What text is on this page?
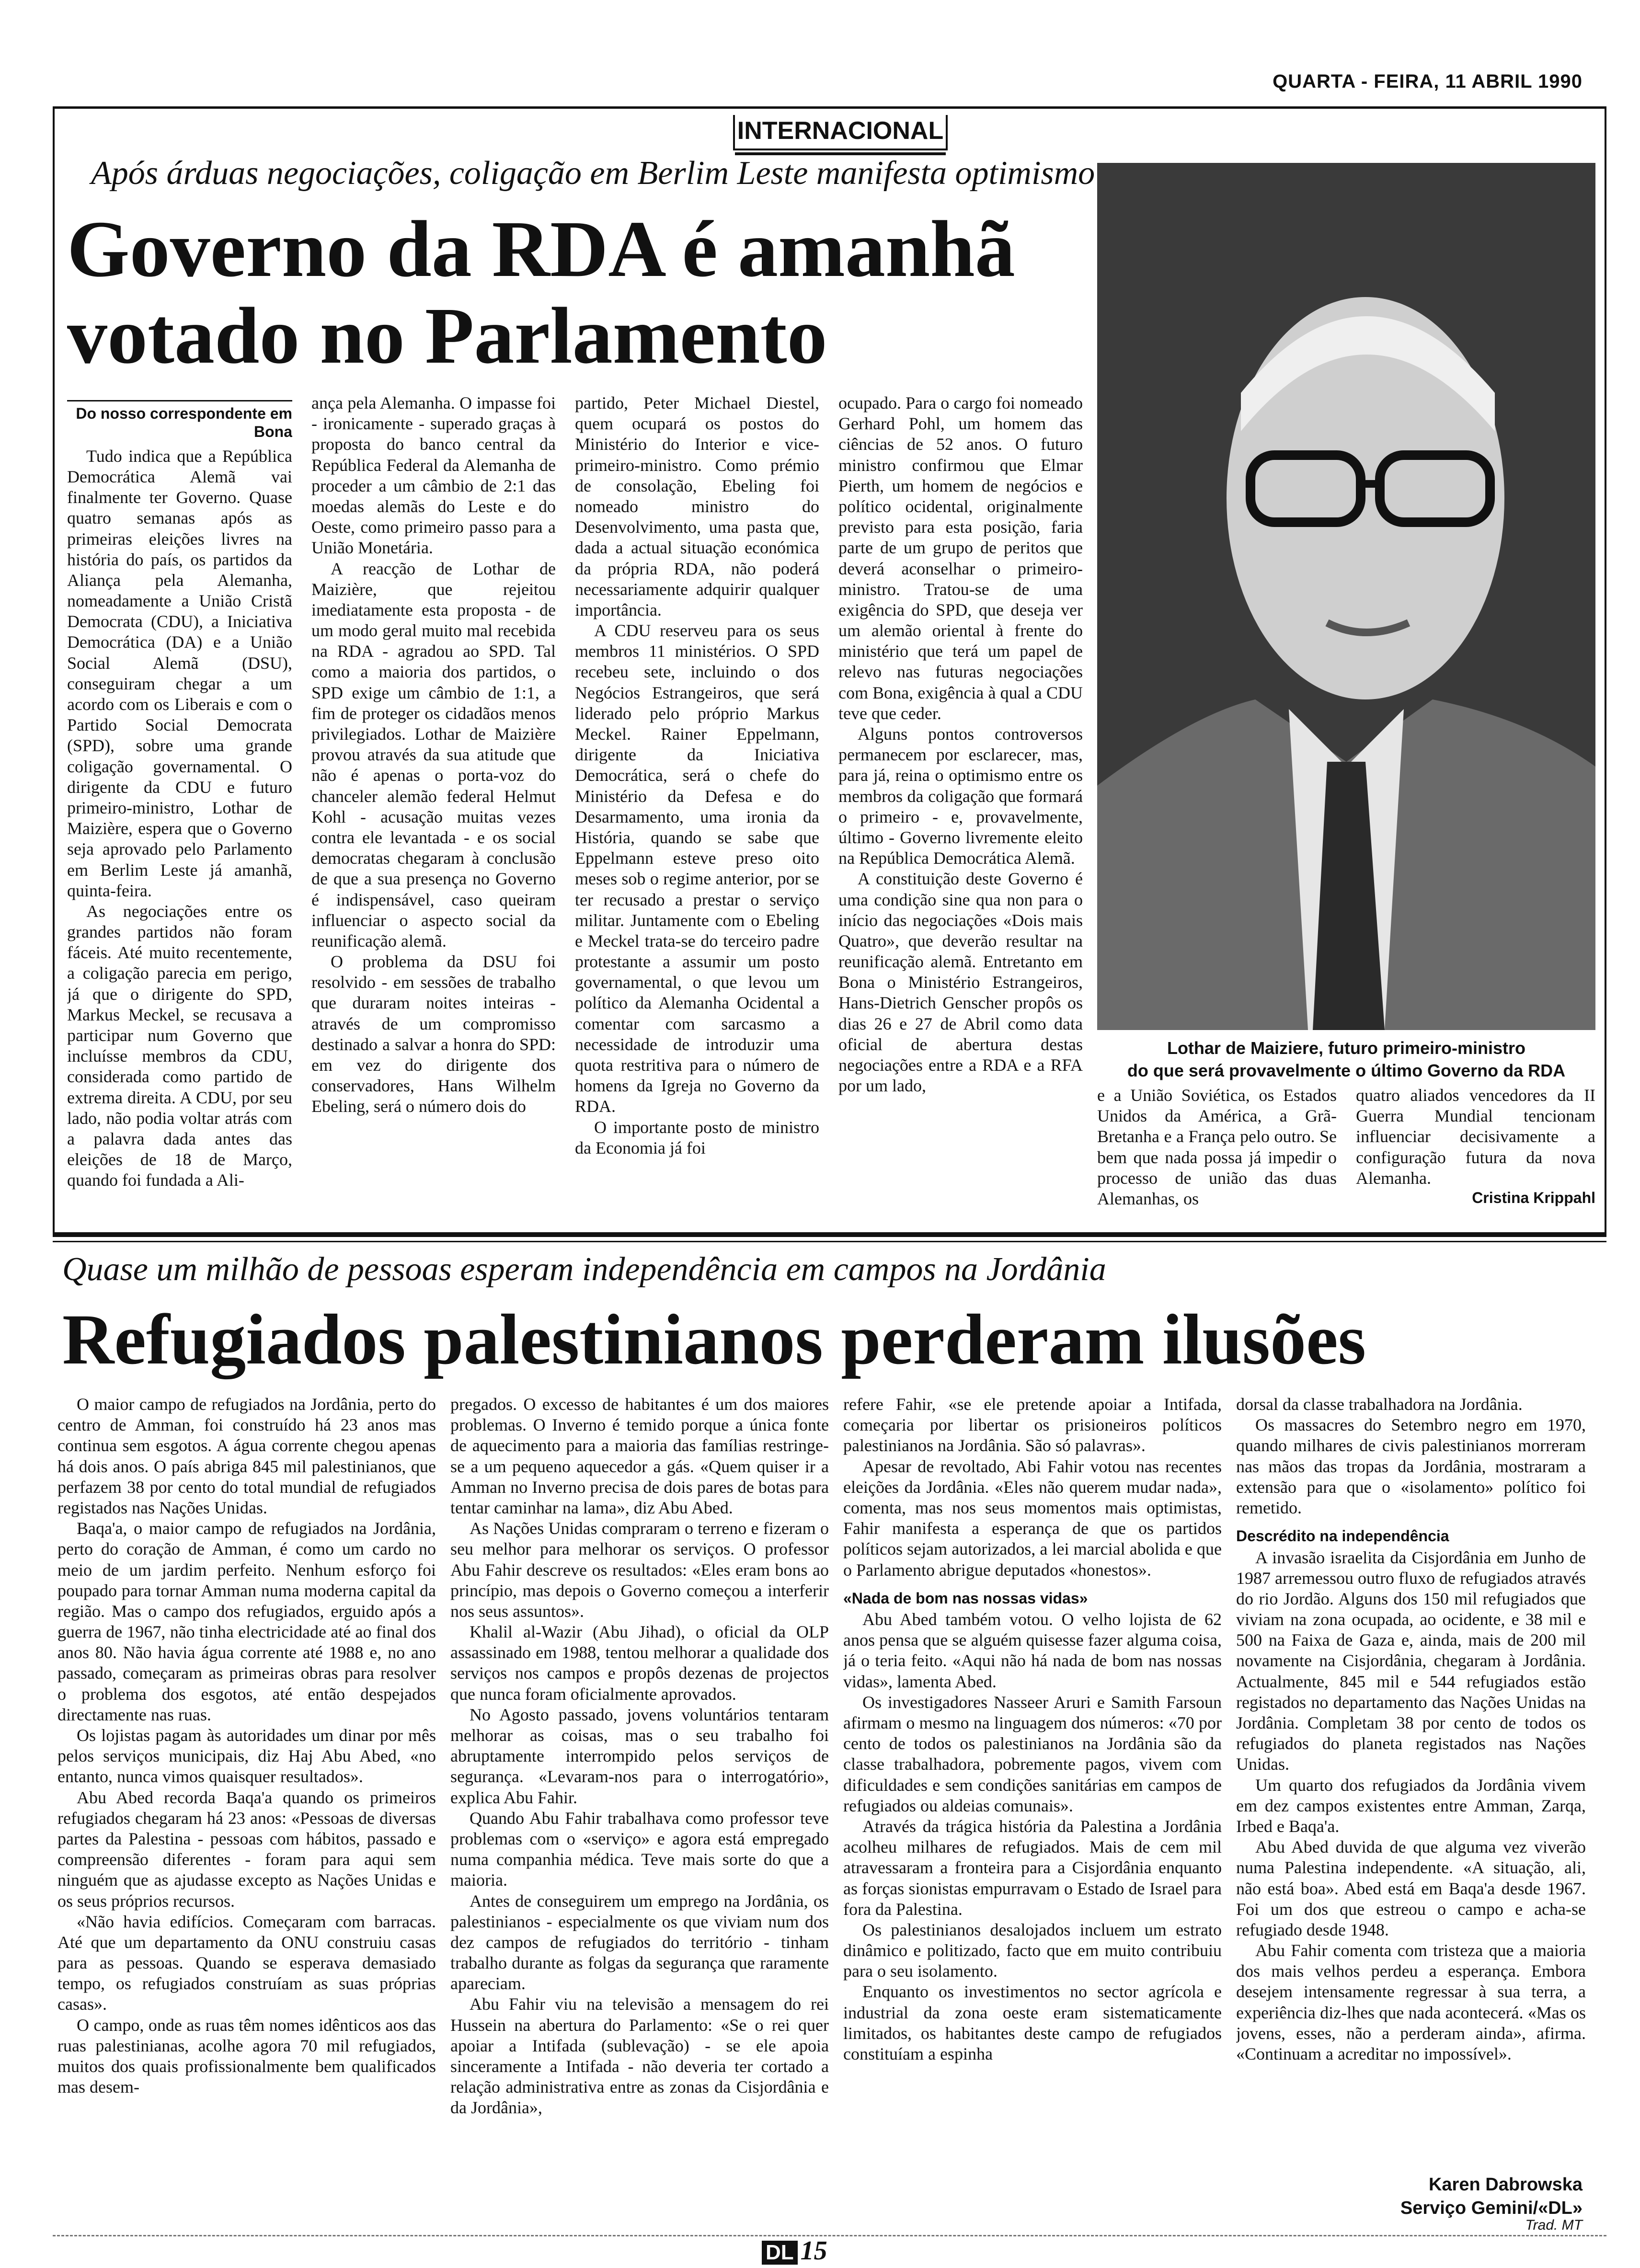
QUARTA - FEIRA, 11 ABRIL 1990
INTERNACIONAL
Após árduas negociações, coligação em Berlim Leste manifesta optimismo
Governo da RDA é amanhã
votado no Parlamento
Lothar de Maiziere, futuro primeiro-ministro
do que será provavelmente o último Governo da RDA

Do nosso correspondente em Bona

Tudo indica que a República Democrática Alemã vai finalmente ter Governo. Quase quatro semanas após as primeiras eleições livres na história do país, os partidos da Aliança pela Alemanha, nomeadamente a União Cristã Democrata (CDU), a Iniciativa Democrática (DA) e a União Social Alemã (DSU), conseguiram chegar a um acordo com os Liberais e com o Partido Social Democrata (SPD), sobre uma grande coligação governamental. O dirigente da CDU e futuro primeiro-ministro, Lothar de Maizière, espera que o Governo seja aprovado pelo Parlamento em Berlim Leste já amanhã, quinta-feira.

As negociações entre os grandes partidos não foram fáceis. Até muito recentemente, a coligação parecia em perigo, já que o dirigente do SPD, Markus Meckel, se recusava a participar num Governo que incluísse membros da CDU, considerada como partido de extrema direita. A CDU, por seu lado, não podia voltar atrás com a palavra dada antes das eleições de 18 de Março, quando foi fundada a Ali-

ança pela Alemanha. O impasse foi - ironicamente - superado graças à proposta do banco central da República Federal da Alemanha de proceder a um câmbio de 2:1 das moedas alemãs do Leste e do Oeste, como primeiro passo para a União Monetária.

A reacção de Lothar de Maizière, que rejeitou imediatamente esta proposta - de um modo geral muito mal recebida na RDA - agradou ao SPD. Tal como a maioria dos partidos, o SPD exige um câmbio de 1:1, a fim de proteger os cidadãos menos privilegiados. Lothar de Maizière provou através da sua atitude que não é apenas o porta-voz do chanceler alemão federal Helmut Kohl - acusação muitas vezes contra ele levantada - e os social democratas chegaram à conclusão de que a sua presença no Governo é indispensável, caso queiram influenciar o aspecto social da reunificação alemã.

O problema da DSU foi resolvido - em sessões de trabalho que duraram noites inteiras - através de um compromisso destinado a salvar a honra do SPD: em vez do dirigente dos conservadores, Hans Wilhelm Ebeling, será o número dois do

partido, Peter Michael Diestel, quem ocupará os postos do Ministério do Interior e vice-primeiro-ministro. Como prémio de consolação, Ebeling foi nomeado ministro do Desenvolvimento, uma pasta que, dada a actual situação económica da própria RDA, não poderá necessariamente adquirir qualquer importância.

A CDU reserveu para os seus membros 11 ministérios. O SPD recebeu sete, incluindo o dos Negócios Estrangeiros, que será liderado pelo próprio Markus Meckel. Rainer Eppelmann, dirigente da Iniciativa Democrática, será o chefe do Ministério da Defesa e do Desarmamento, uma ironia da História, quando se sabe que Eppelmann esteve preso oito meses sob o regime anterior, por se ter recusado a prestar o serviço militar. Juntamente com o Ebeling e Meckel trata-se do terceiro padre protestante a assumir um posto governamental, o que levou um político da Alemanha Ocidental a comentar com sarcasmo a necessidade de introduzir uma quota restritiva para o número de homens da Igreja no Governo da RDA.

O importante posto de ministro da Economia já foi

ocupado. Para o cargo foi nomeado Gerhard Pohl, um homem das ciências de 52 anos. O futuro ministro confirmou que Elmar Pierth, um homem de negócios e político ocidental, originalmente previsto para esta posição, faria parte de um grupo de peritos que deverá aconselhar o primeiro-ministro. Tratou-se de uma exigência do SPD, que deseja ver um alemão oriental à frente do ministério que terá um papel de relevo nas futuras negociações com Bona, exigência à qual a CDU teve que ceder.

Alguns pontos controversos permanecem por esclarecer, mas, para já, reina o optimismo entre os membros da coligação que formará o primeiro - e, provavelmente, último - Governo livremente eleito na República Democrática Alemã.

A constituição deste Governo é uma condição sine qua non para o início das negociações «Dois mais Quatro», que deverão resultar na reunificação alemã. Entretanto em Bona o Ministério Estrangeiros, Hans-Dietrich Genscher propôs os dias 26 e 27 de Abril como data oficial de abertura destas negociações entre a RDA e a RFA por um lado,	e a União Soviética, os Estados Unidos da América, a Grã-Bretanha e a França pelo outro. Se bem que nada possa já impedir o processo de união das duas Alemanhas, os

quatro aliados vencedores da II Guerra Mundial tencionam influenciar decisivamente a configuração futura da nova Alemanha.

Cristina Krippahl
Quase um milhão de pessoas esperam independência em campos na Jordânia
Refugiados palestinianos perderam ilusões

O maior campo de refugiados na Jordânia, perto do centro de Amman, foi construído há 23 anos mas continua sem esgotos. A água corrente chegou apenas há dois anos. O país abriga 845 mil palestinianos, que perfazem 38 por cento do total mundial de refugiados registados nas Nações Unidas.

Baqa'a, o maior campo de refugiados na Jordânia, perto do coração de Amman, é como um cardo no meio de um jardim perfeito. Nenhum esforço foi poupado para tornar Amman numa moderna capital da região. Mas o campo dos refugiados, erguido após a guerra de 1967, não tinha electricidade até ao final dos anos 80. Não havia água corrente até 1988 e, no ano passado, começaram as primeiras obras para resolver o problema dos esgotos, até então despejados directamente nas ruas.

Os lojistas pagam às autoridades um dinar por mês pelos serviços municipais, diz Haj Abu Abed, «no entanto, nunca vimos quaisquer resultados».

Abu Abed recorda Baqa'a quando os primeiros refugiados chegaram há 23 anos: «Pessoas de diversas partes da Palestina - pessoas com hábitos, passado e compreensão diferentes - foram para aqui sem ninguém que as ajudasse excepto as Nações Unidas e os seus próprios recursos.

«Não havia edifícios. Começaram com barracas. Até que um departamento da ONU construiu casas para as pessoas. Quando se esperava demasiado tempo, os refugiados construíam as suas próprias casas».

O campo, onde as ruas têm nomes idênticos aos das ruas palestinianas, acolhe agora 70 mil refugiados, muitos dos quais profissionalmente bem qualificados mas desem-

pregados. O excesso de habitantes é um dos maiores problemas. O Inverno é temido porque a única fonte de aquecimento para a maioria das famílias restringe-se a um pequeno aquecedor a gás. «Quem quiser ir a Amman no Inverno precisa de dois pares de botas para tentar caminhar na lama», diz Abu Abed.

As Nações Unidas compraram o terreno e fizeram o seu melhor para melhorar os serviços. O professor Abu Fahir descreve os resultados: «Eles eram bons ao princípio, mas depois o Governo começou a interferir nos seus assuntos».

Khalil al-Wazir (Abu Jihad), o oficial da OLP assassinado em 1988, tentou melhorar a qualidade dos serviços nos campos e propôs dezenas de projectos que nunca foram oficialmente aprovados.

No Agosto passado, jovens voluntários tentaram melhorar as coisas, mas o seu trabalho foi abruptamente interrompido pelos serviços de segurança. «Levaram-nos para o interrogatório», explica Abu Fahir.

Quando Abu Fahir trabalhava como professor teve problemas com o «serviço» e agora está empregado numa companhia médica. Teve mais sorte do que a maioria.

Antes de conseguirem um emprego na Jordânia, os palestinianos - especialmente os que viviam num dos dez campos de refugiados do território - tinham trabalho durante as folgas da segurança que raramente apareciam.

Abu Fahir viu na televisão a mensagem do rei Hussein na abertura do Parlamento: «Se o rei quer apoiar a Intifada (sublevação) - se ele apoia sinceramente a Intifada - não deveria ter cortado a relação administrativa entre as zonas da Cisjordânia e da Jordânia»,

refere Fahir, «se ele pretende apoiar a Intifada, começaria por libertar os prisioneiros políticos palestinianos na Jordânia. São só palavras».

Apesar de revoltado, Abi Fahir votou nas recentes eleições da Jordânia. «Eles não querem mudar nada», comenta, mas nos seus momentos mais optimistas, Fahir manifesta a esperança de que os partidos políticos sejam autorizados, a lei marcial abolida e que o Parlamento abrigue deputados «honestos».

«Nada de bom nas nossas vidas»

Abu Abed também votou. O velho lojista de 62 anos pensa que se alguém quisesse fazer alguma coisa, já o teria feito. «Aqui não há nada de bom nas nossas vidas», lamenta Abed.

Os investigadores Nasseer Aruri e Samith Farsoun afirmam o mesmo na linguagem dos números: «70 por cento de todos os palestinianos na Jordânia são da classe trabalhadora, pobremente pagos, vivem com dificuldades e sem condições sanitárias em campos de refugiados ou aldeias comunais».

Através da trágica história da Palestina a Jordânia acolheu milhares de refugiados. Mais de cem mil atravessaram a fronteira para a Cisjordânia enquanto as forças sionistas empurravam o Estado de Israel para fora da Palestina.

Os palestinianos desalojados incluem um estrato dinâmico e politizado, facto que em muito contribuiu para o seu isolamento.

Enquanto os investimentos no sector agrícola e industrial da zona oeste eram sistematicamente limitados, os habitantes deste campo de refugiados constituíam a espinha

dorsal da classe trabalhadora na Jordânia.

Os massacres do Setembro negro em 1970, quando milhares de civis palestinianos morreram nas mãos das tropas da Jordânia, mostraram a extensão para que o «isolamento» político foi remetido.

Descrédito na independência

A invasão israelita da Cisjordânia em Junho de 1987 arremessou outro fluxo de refugiados através do rio Jordão. Alguns dos 150 mil refugiados que viviam na zona ocupada, ao ocidente, e 38 mil e 500 na Faixa de Gaza e, ainda, mais de 200 mil novamente na Cisjordânia, chegaram à Jordânia. Actualmente, 845 mil e 544 refugiados estão registados no departamento das Nações Unidas na Jordânia. Completam 38 por cento de todos os refugiados do planeta registados nas Nações Unidas.

Um quarto dos refugiados da Jordânia vivem em dez campos existentes entre Amman, Zarqa, Irbed e Baqa'a.

Abu Abed duvida de que alguma vez viverão numa Palestina independente. «A situação, ali, não está boa». Abed está em Baqa'a desde 1967. Foi um dos que estreou o campo e acha-se refugiado desde 1948.

Abu Fahir comenta com tristeza que a maioria dos mais velhos perdeu a esperança. Embora desejem intensamente regressar à sua terra, a experiência diz-lhes que nada acontecerá. «Mas os jovens, esses, não a perderam ainda», afirma. «Continuam a acreditar no impossível».

Karen Dabrowska
Serviço Gemini/«DL»
Trad. MT
DL 15
